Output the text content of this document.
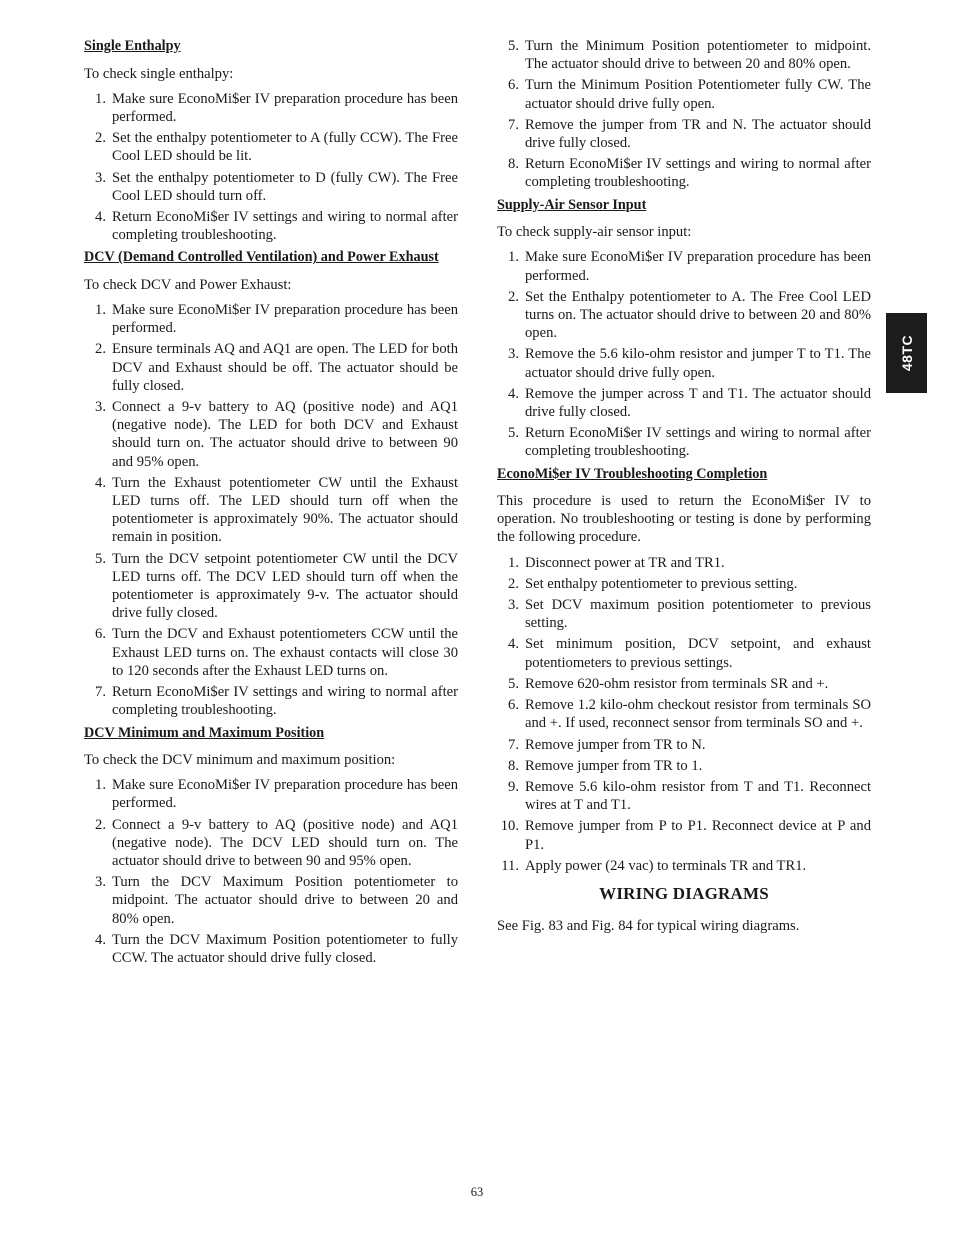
Single Enthalpy

To check single enthalpy:

1. Make sure EconoMi$er IV preparation procedure has been performed.
2. Set the enthalpy potentiometer to A (fully CCW). The Free Cool LED should be lit.
3. Set the enthalpy potentiometer to D (fully CW). The Free Cool LED should turn off.
4. Return EconoMi$er IV settings and wiring to normal after completing troubleshooting.
DCV (Demand Controlled Ventilation) and Power Exhaust

To check DCV and Power Exhaust:

1. Make sure EconoMi$er IV preparation procedure has been performed.
2. Ensure terminals AQ and AQ1 are open. The LED for both DCV and Exhaust should be off. The actuator should be fully closed.
3. Connect a 9-v battery to AQ (positive node) and AQ1 (negative node). The LED for both DCV and Exhaust should turn on. The actuator should drive to between 90 and 95% open.
4. Turn the Exhaust potentiometer CW until the Exhaust LED turns off. The LED should turn off when the potentiometer is approximately 90%. The actuator should remain in position.
5. Turn the DCV setpoint potentiometer CW until the DCV LED turns off. The DCV LED should turn off when the potentiometer is approximately 9-v. The actuator should drive fully closed.
6. Turn the DCV and Exhaust potentiometers CCW until the Exhaust LED turns on. The exhaust contacts will close 30 to 120 seconds after the Exhaust LED turns on.
7. Return EconoMi$er IV settings and wiring to normal after completing troubleshooting.
DCV Minimum and Maximum Position

To check the DCV minimum and maximum position:

1. Make sure EconoMi$er IV preparation procedure has been performed.
2. Connect a 9-v battery to AQ (positive node) and AQ1 (negative node). The DCV LED should turn on. The actuator should drive to between 90 and 95% open.
3. Turn the DCV Maximum Position potentiometer to midpoint. The actuator should drive to between 20 and 80% open.
4. Turn the DCV Maximum Position potentiometer to fully CCW. The actuator should drive fully closed.
5. Turn the Minimum Position potentiometer to midpoint. The actuator should drive to between 20 and 80% open.
6. Turn the Minimum Position Potentiometer fully CW. The actuator should drive fully open.
7. Remove the jumper from TR and N. The actuator should drive fully closed.
8. Return EconoMi$er IV settings and wiring to normal after completing troubleshooting.
Supply-Air Sensor Input

To check supply-air sensor input:

1. Make sure EconoMi$er IV preparation procedure has been performed.
2. Set the Enthalpy potentiometer to A. The Free Cool LED turns on. The actuator should drive to between 20 and 80% open.
3. Remove the 5.6 kilo-ohm resistor and jumper T to T1. The actuator should drive fully open.
4. Remove the jumper across T and T1. The actuator should drive fully closed.
5. Return EconoMi$er IV settings and wiring to normal after completing troubleshooting.
EconoMi$er IV Troubleshooting Completion

This procedure is used to return the EconoMi$er IV to operation. No troubleshooting or testing is done by performing the following procedure.

1. Disconnect power at TR and TR1.
2. Set enthalpy potentiometer to previous setting.
3. Set DCV maximum position potentiometer to previous setting.
4. Set minimum position, DCV setpoint, and exhaust potentiometers to previous settings.
5. Remove 620-ohm resistor from terminals SR and +.
6. Remove 1.2 kilo-ohm checkout resistor from terminals SO and +. If used, reconnect sensor from terminals SO and +.
7. Remove jumper from TR to N.
8. Remove jumper from TR to 1.
9. Remove 5.6 kilo-ohm resistor from T and T1. Reconnect wires at T and T1.
10. Remove jumper from P to P1. Reconnect device at P and P1.
11. Apply power (24 vac) to terminals TR and TR1.
WIRING DIAGRAMS

See Fig. 83 and Fig. 84 for typical wiring diagrams.

48TC
63
